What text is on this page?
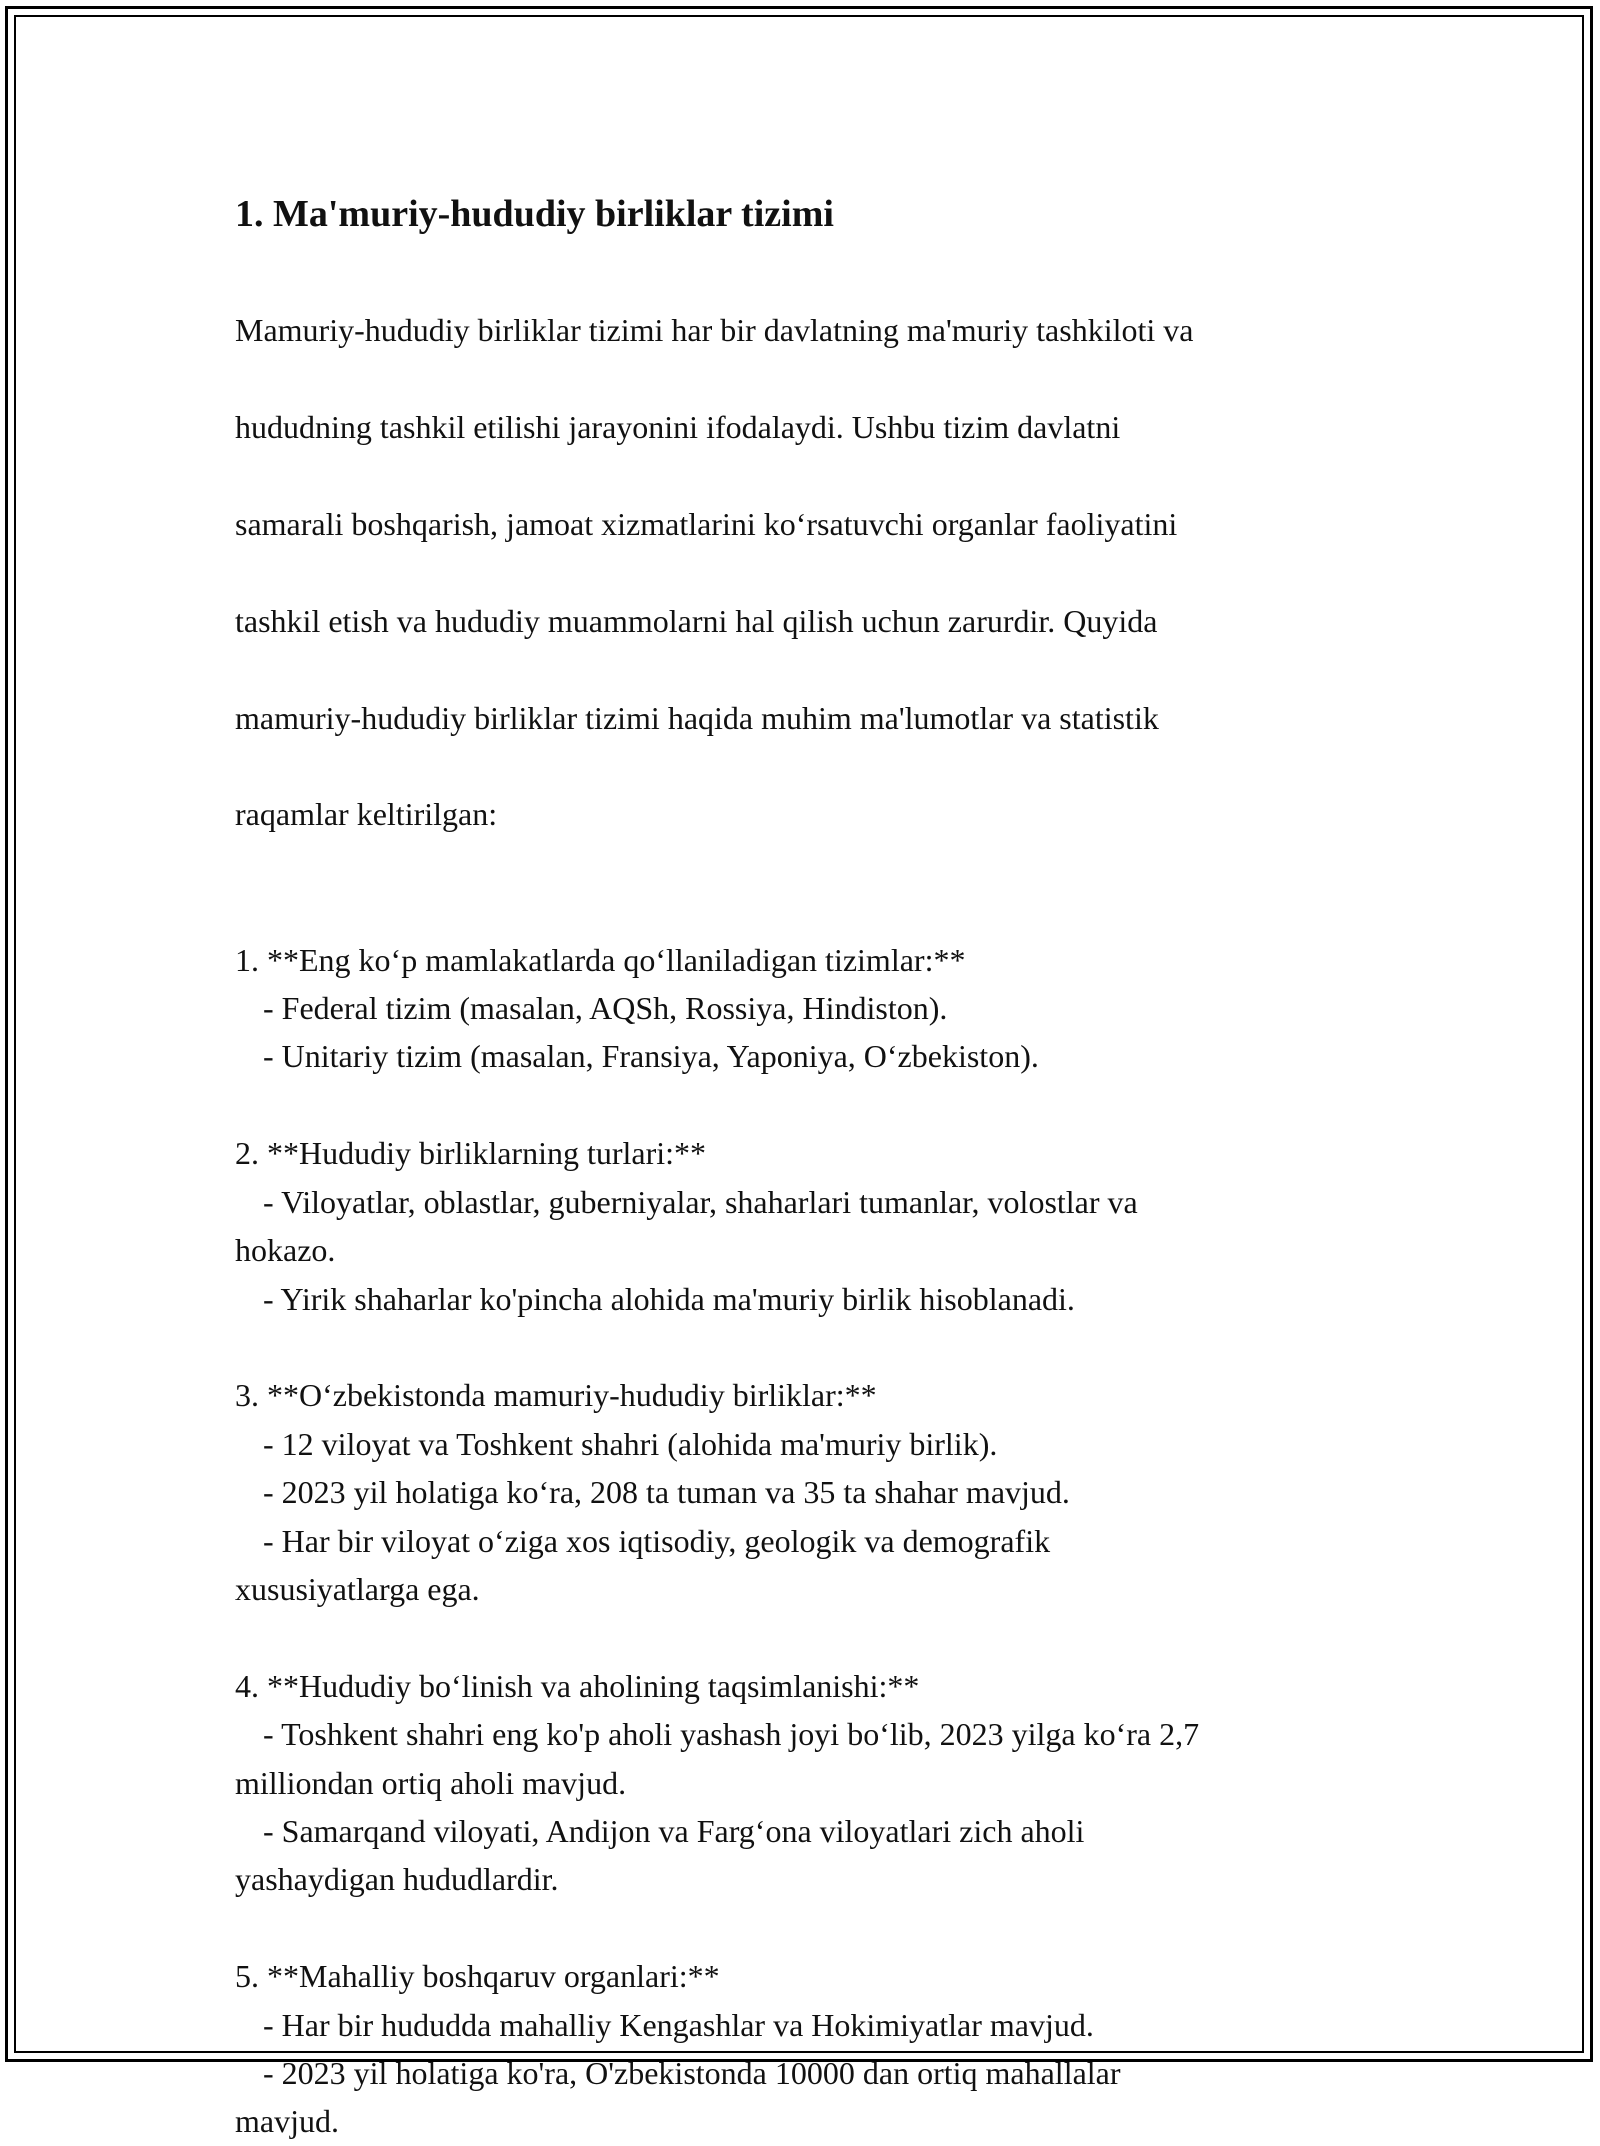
1. Ma'muriy-hududiy birliklar tizimi

Mamuriy-hududiy birliklar tizimi har bir davlatning ma'muriy tashkiloti va

hududning tashkil etilishi jarayonini ifodalaydi. Ushbu tizim davlatni

samarali boshqarish, jamoat xizmatlarini ko‘rsatuvchi organlar faoliyatini

tashkil etish va hududiy muammolarni hal qilish uchun zarurdir. Quyida

mamuriy-hududiy birliklar tizimi haqida muhim ma'lumotlar va statistik

raqamlar keltirilgan:

1. **Eng ko‘p mamlakatlarda qo‘llaniladigan tizimlar:**
- Federal tizim (masalan, AQSh, Rossiya, Hindiston).
- Unitariy tizim (masalan, Fransiya, Yaponiya, O‘zbekiston).
2. **Hududiy birliklarning turlari:**
- Viloyatlar, oblastlar, guberniyalar, shaharlari tumanlar, volostlar va
hokazo.
- Yirik shaharlar ko'pincha alohida ma'muriy birlik hisoblanadi.
3. **O‘zbekistonda mamuriy-hududiy birliklar:**
- 12 viloyat va Toshkent shahri (alohida ma'muriy birlik).
- 2023 yil holatiga ko‘ra, 208 ta tuman va 35 ta shahar mavjud.
- Har bir viloyat o‘ziga xos iqtisodiy, geologik va demografik
xususiyatlarga ega.
4. **Hududiy bo‘linish va aholining taqsimlanishi:**
- Toshkent shahri eng ko'p aholi yashash joyi bo‘lib, 2023 yilga ko‘ra 2,7
milliondan ortiq aholi mavjud.
- Samarqand viloyati, Andijon va Farg‘ona viloyatlari zich aholi
yashaydigan hududlardir.
5. **Mahalliy boshqaruv organlari:**
- Har bir hududda mahalliy Kengashlar va Hokimiyatlar mavjud.
- 2023 yil holatiga ko'ra, O'zbekistonda 10000 dan ortiq mahallalar
mavjud.
